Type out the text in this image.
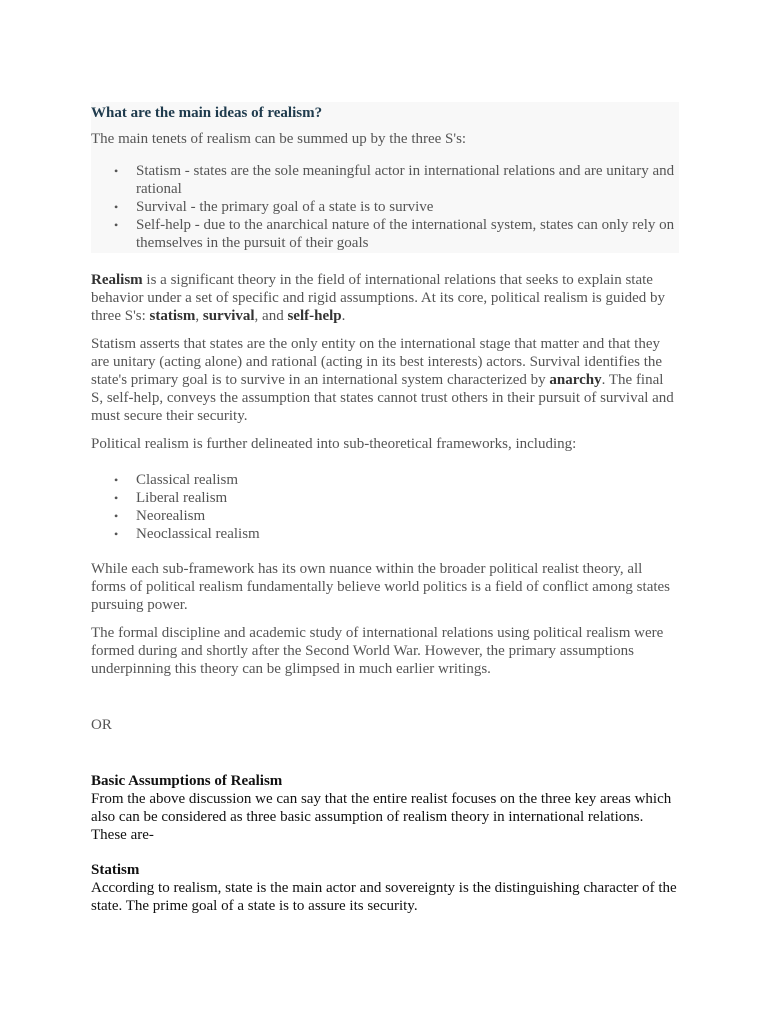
What are the main ideas of realism?

The main tenets of realism can be summed up by the three S's:

• Statism - states are the sole meaningful actor in international relations and are unitary and rational
• Survival - the primary goal of a state is to survive
• Self-help - due to the anarchical nature of the international system, states can only rely on themselves in the pursuit of their goals

Realism is a significant theory in the field of international relations that seeks to explain state behavior under a set of specific and rigid assumptions. At its core, political realism is guided by three S's: statism, survival, and self-help.

Statism asserts that states are the only entity on the international stage that matter and that they are unitary (acting alone) and rational (acting in its best interests) actors. Survival identifies the state's primary goal is to survive in an international system characterized by anarchy. The final S, self-help, conveys the assumption that states cannot trust others in their pursuit of survival and must secure their security.

Political realism is further delineated into sub-theoretical frameworks, including:

• Classical realism
• Liberal realism
• Neorealism
• Neoclassical realism

While each sub-framework has its own nuance within the broader political realist theory, all forms of political realism fundamentally believe world politics is a field of conflict among states pursuing power.

The formal discipline and academic study of international relations using political realism were formed during and shortly after the Second World War. However, the primary assumptions underpinning this theory can be glimpsed in much earlier writings.

OR

Basic Assumptions of Realism

From the above discussion we can say that the entire realist focuses on the three key areas which also can be considered as three basic assumption of realism theory in international relations. These are-

Statism

According to realism, state is the main actor and sovereignty is the distinguishing character of the state. The prime goal of a state is to assure its security.
